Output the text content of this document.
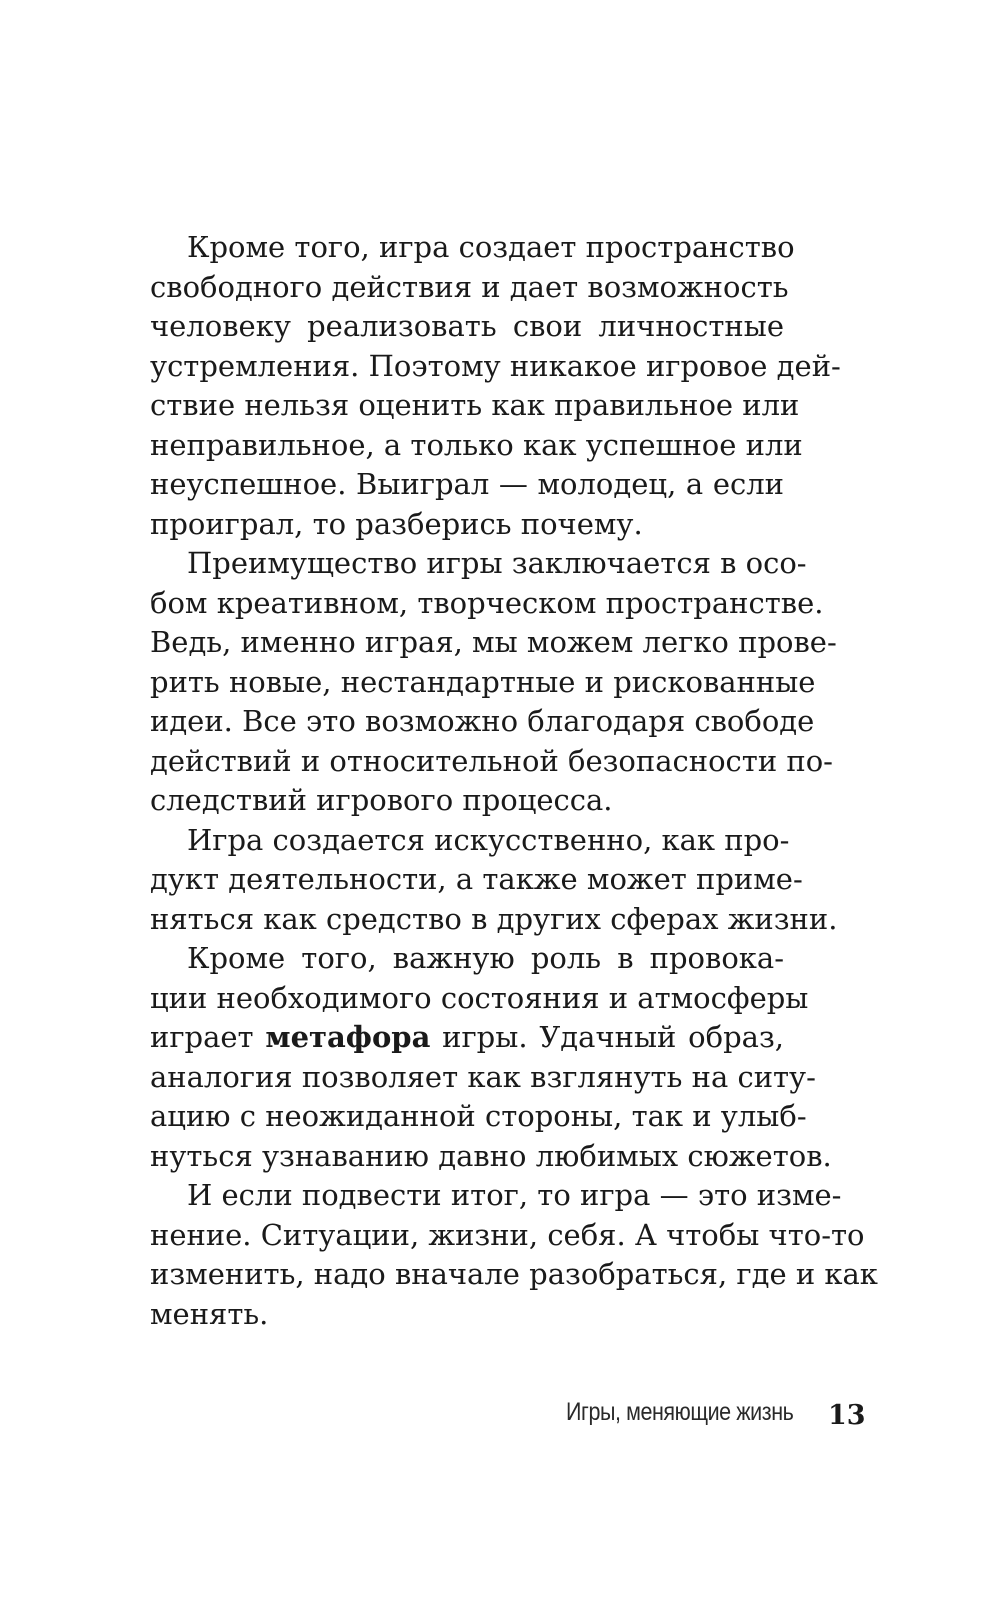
Кроме того, игра создает пространство
свободного действия и дает возможность
человеку реализовать свои личностные
устремления. Поэтому никакое игровое дей-
ствие нельзя оценить как правильное или
неправильное, а только как успешное или
неуспешное. Выиграл — молодец, а если
проиграл, то разберись почему.

Преимущество игры заключается в осо-
бом креативном, творческом пространстве.
Ведь, именно играя, мы можем легко прове-
рить новые, нестандартные и рискованные
идеи. Все это возможно благодаря свободе
действий и относительной безопасности по-
следствий игрового процесса.

Игра создается искусственно, как про-
дукт деятельности, а также может приме-
няться как средство в других сферах жизни.

Кроме того, важную роль в провока-
ции необходимого состояния и атмосферы
играет метафора игры. Удачный образ,
аналогия позволяет как взглянуть на ситу-
ацию с неожиданной стороны, так и улыб-
нуться узнаванию давно любимых сюжетов.

И если подвести итог, то игра — это изме-
нение. Ситуации, жизни, себя. А чтобы что-то
изменить, надо вначале разобраться, где и как
менять.

Игры, меняющие жизнь 13
